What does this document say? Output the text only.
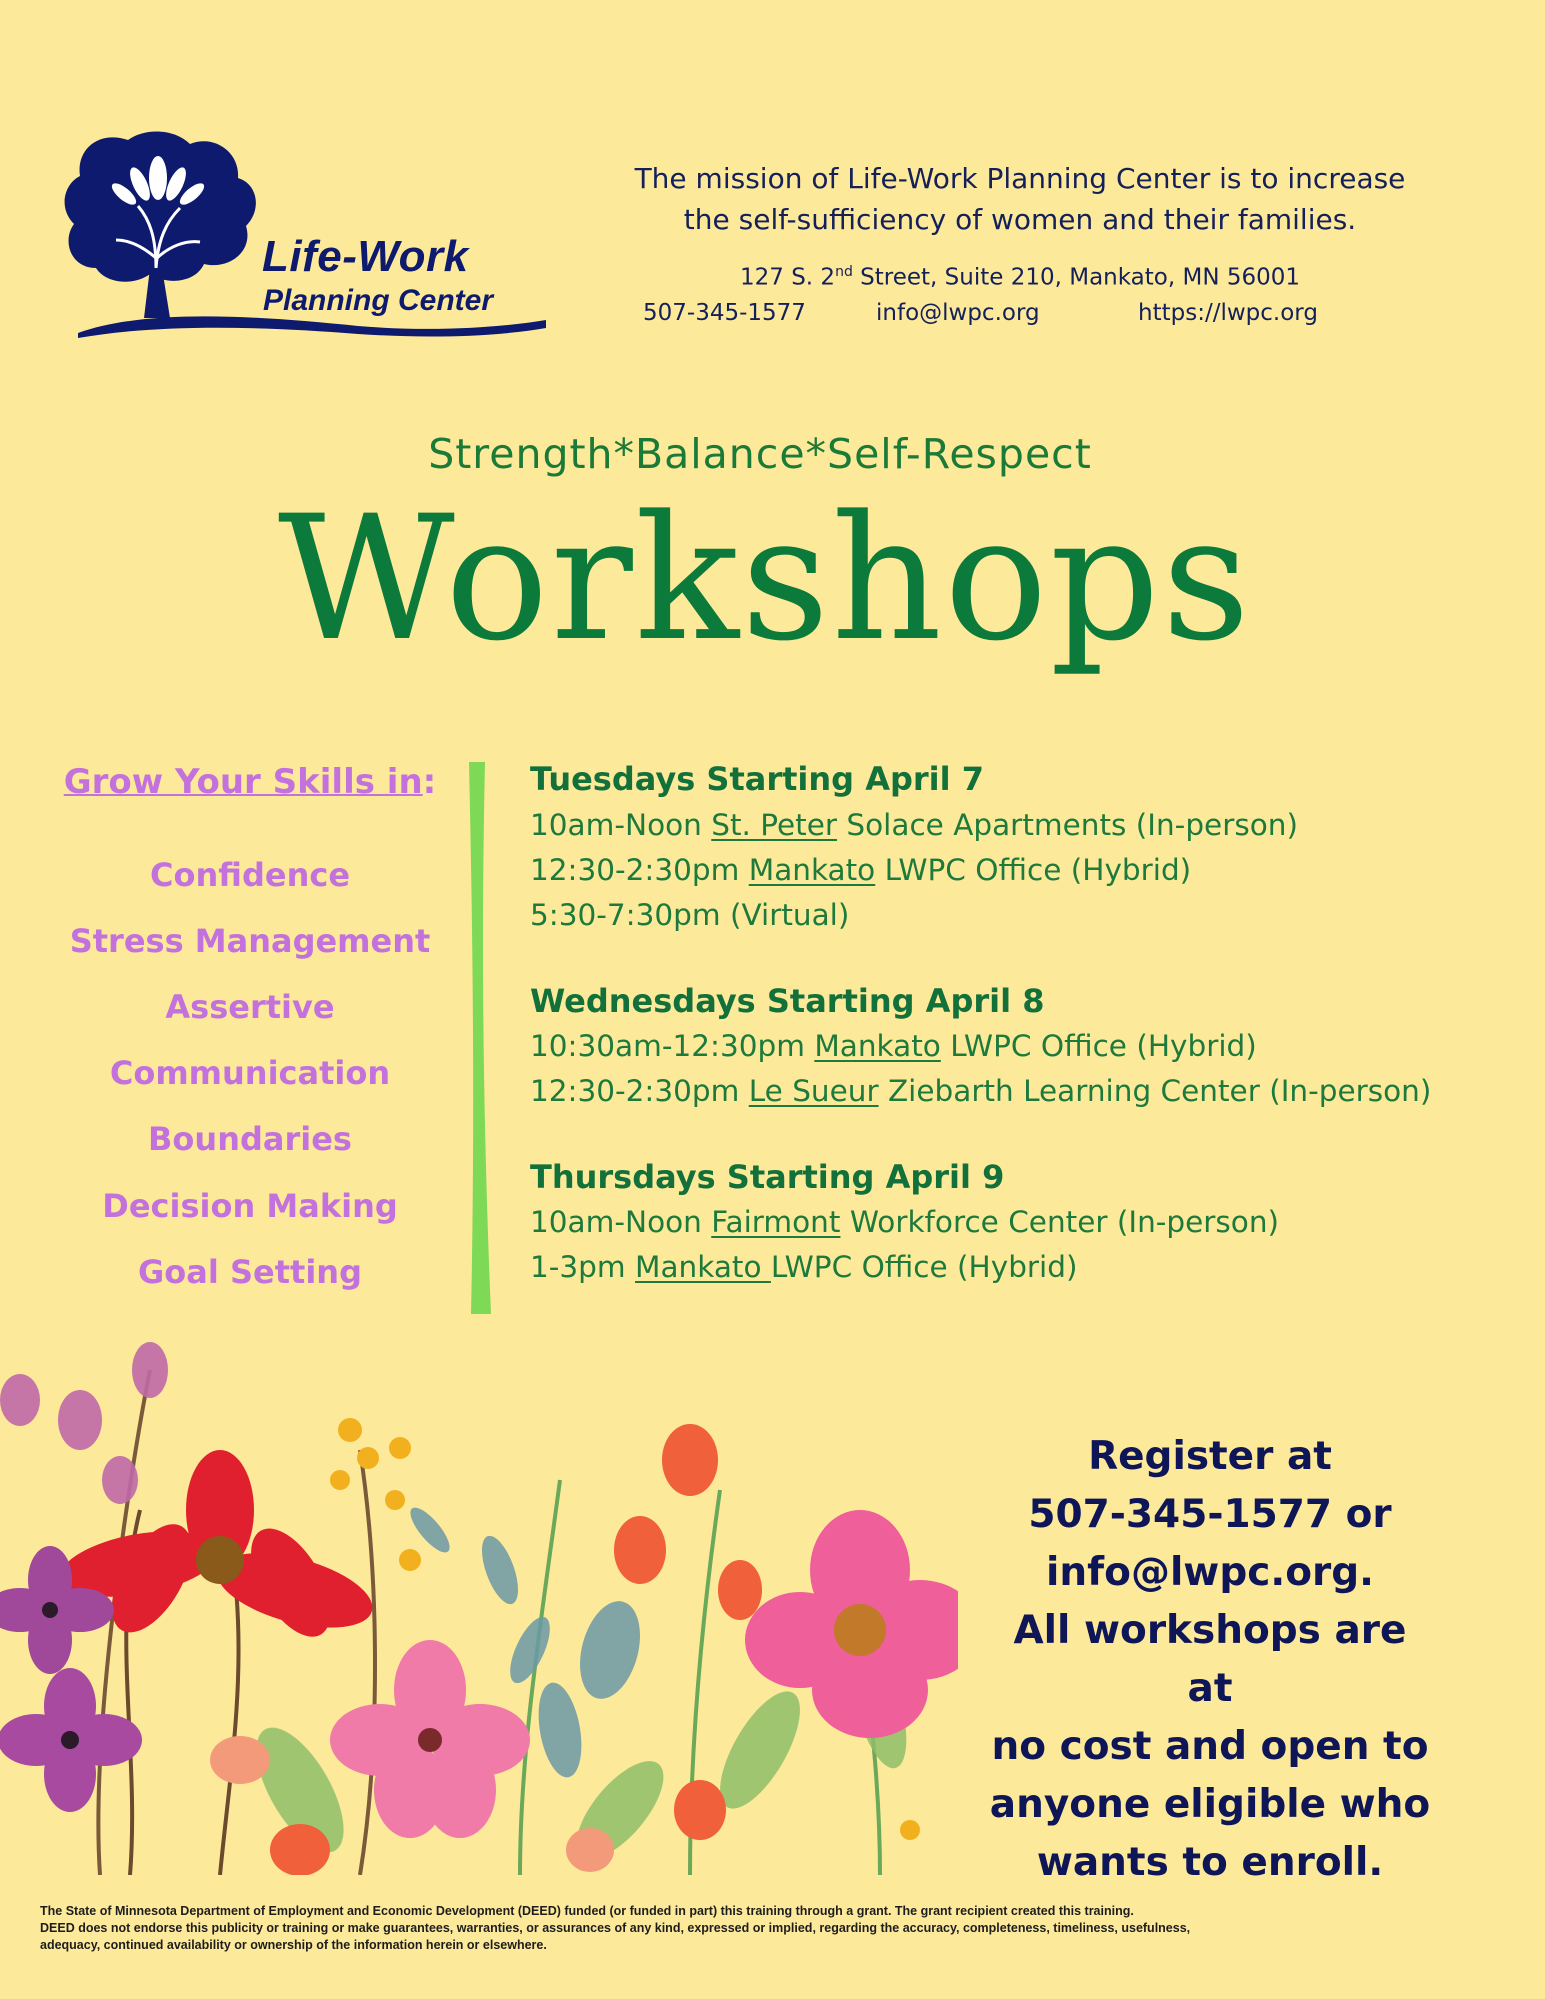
Life-Work
Planning Center
The mission of Life-Work Planning Center is to increase
the self-sufficiency of women and their families.
127 S. 2nd Street, Suite 210, Mankato, MN 56001
507-345-1577	info@lwpc.org	https://lwpc.org
Strength*Balance*Self-Respect
Workshops
Grow Your Skills in:
Confidence
Stress Management
Assertive
Communication
Boundaries
Decision Making
Goal Setting
Tuesdays Starting April 7
10am-Noon St. Peter Solace Apartments (In-person)
12:30-2:30pm Mankato LWPC Office (Hybrid)
5:30-7:30pm (Virtual)
Wednesdays Starting April 8
10:30am-12:30pm Mankato LWPC Office (Hybrid)
12:30-2:30pm Le Sueur Ziebarth Learning Center (In-person)
Thursdays Starting April 9
10am-Noon Fairmont Workforce Center (In-person)
1-3pm Mankato LWPC Office (Hybrid)
Register at
507-345-1577 or
info@lwpc.org.
All workshops are at
no cost and open to
anyone eligible who
wants to enroll.
The State of Minnesota Department of Employment and Economic Development (DEED) funded (or funded in part) this training through a grant. The grant recipient created this training.
DEED does not endorse this publicity or training or make guarantees, warranties, or assurances of any kind, expressed or implied, regarding the accuracy, completeness, timeliness, usefulness,
adequacy, continued availability or ownership of the information herein or elsewhere.
